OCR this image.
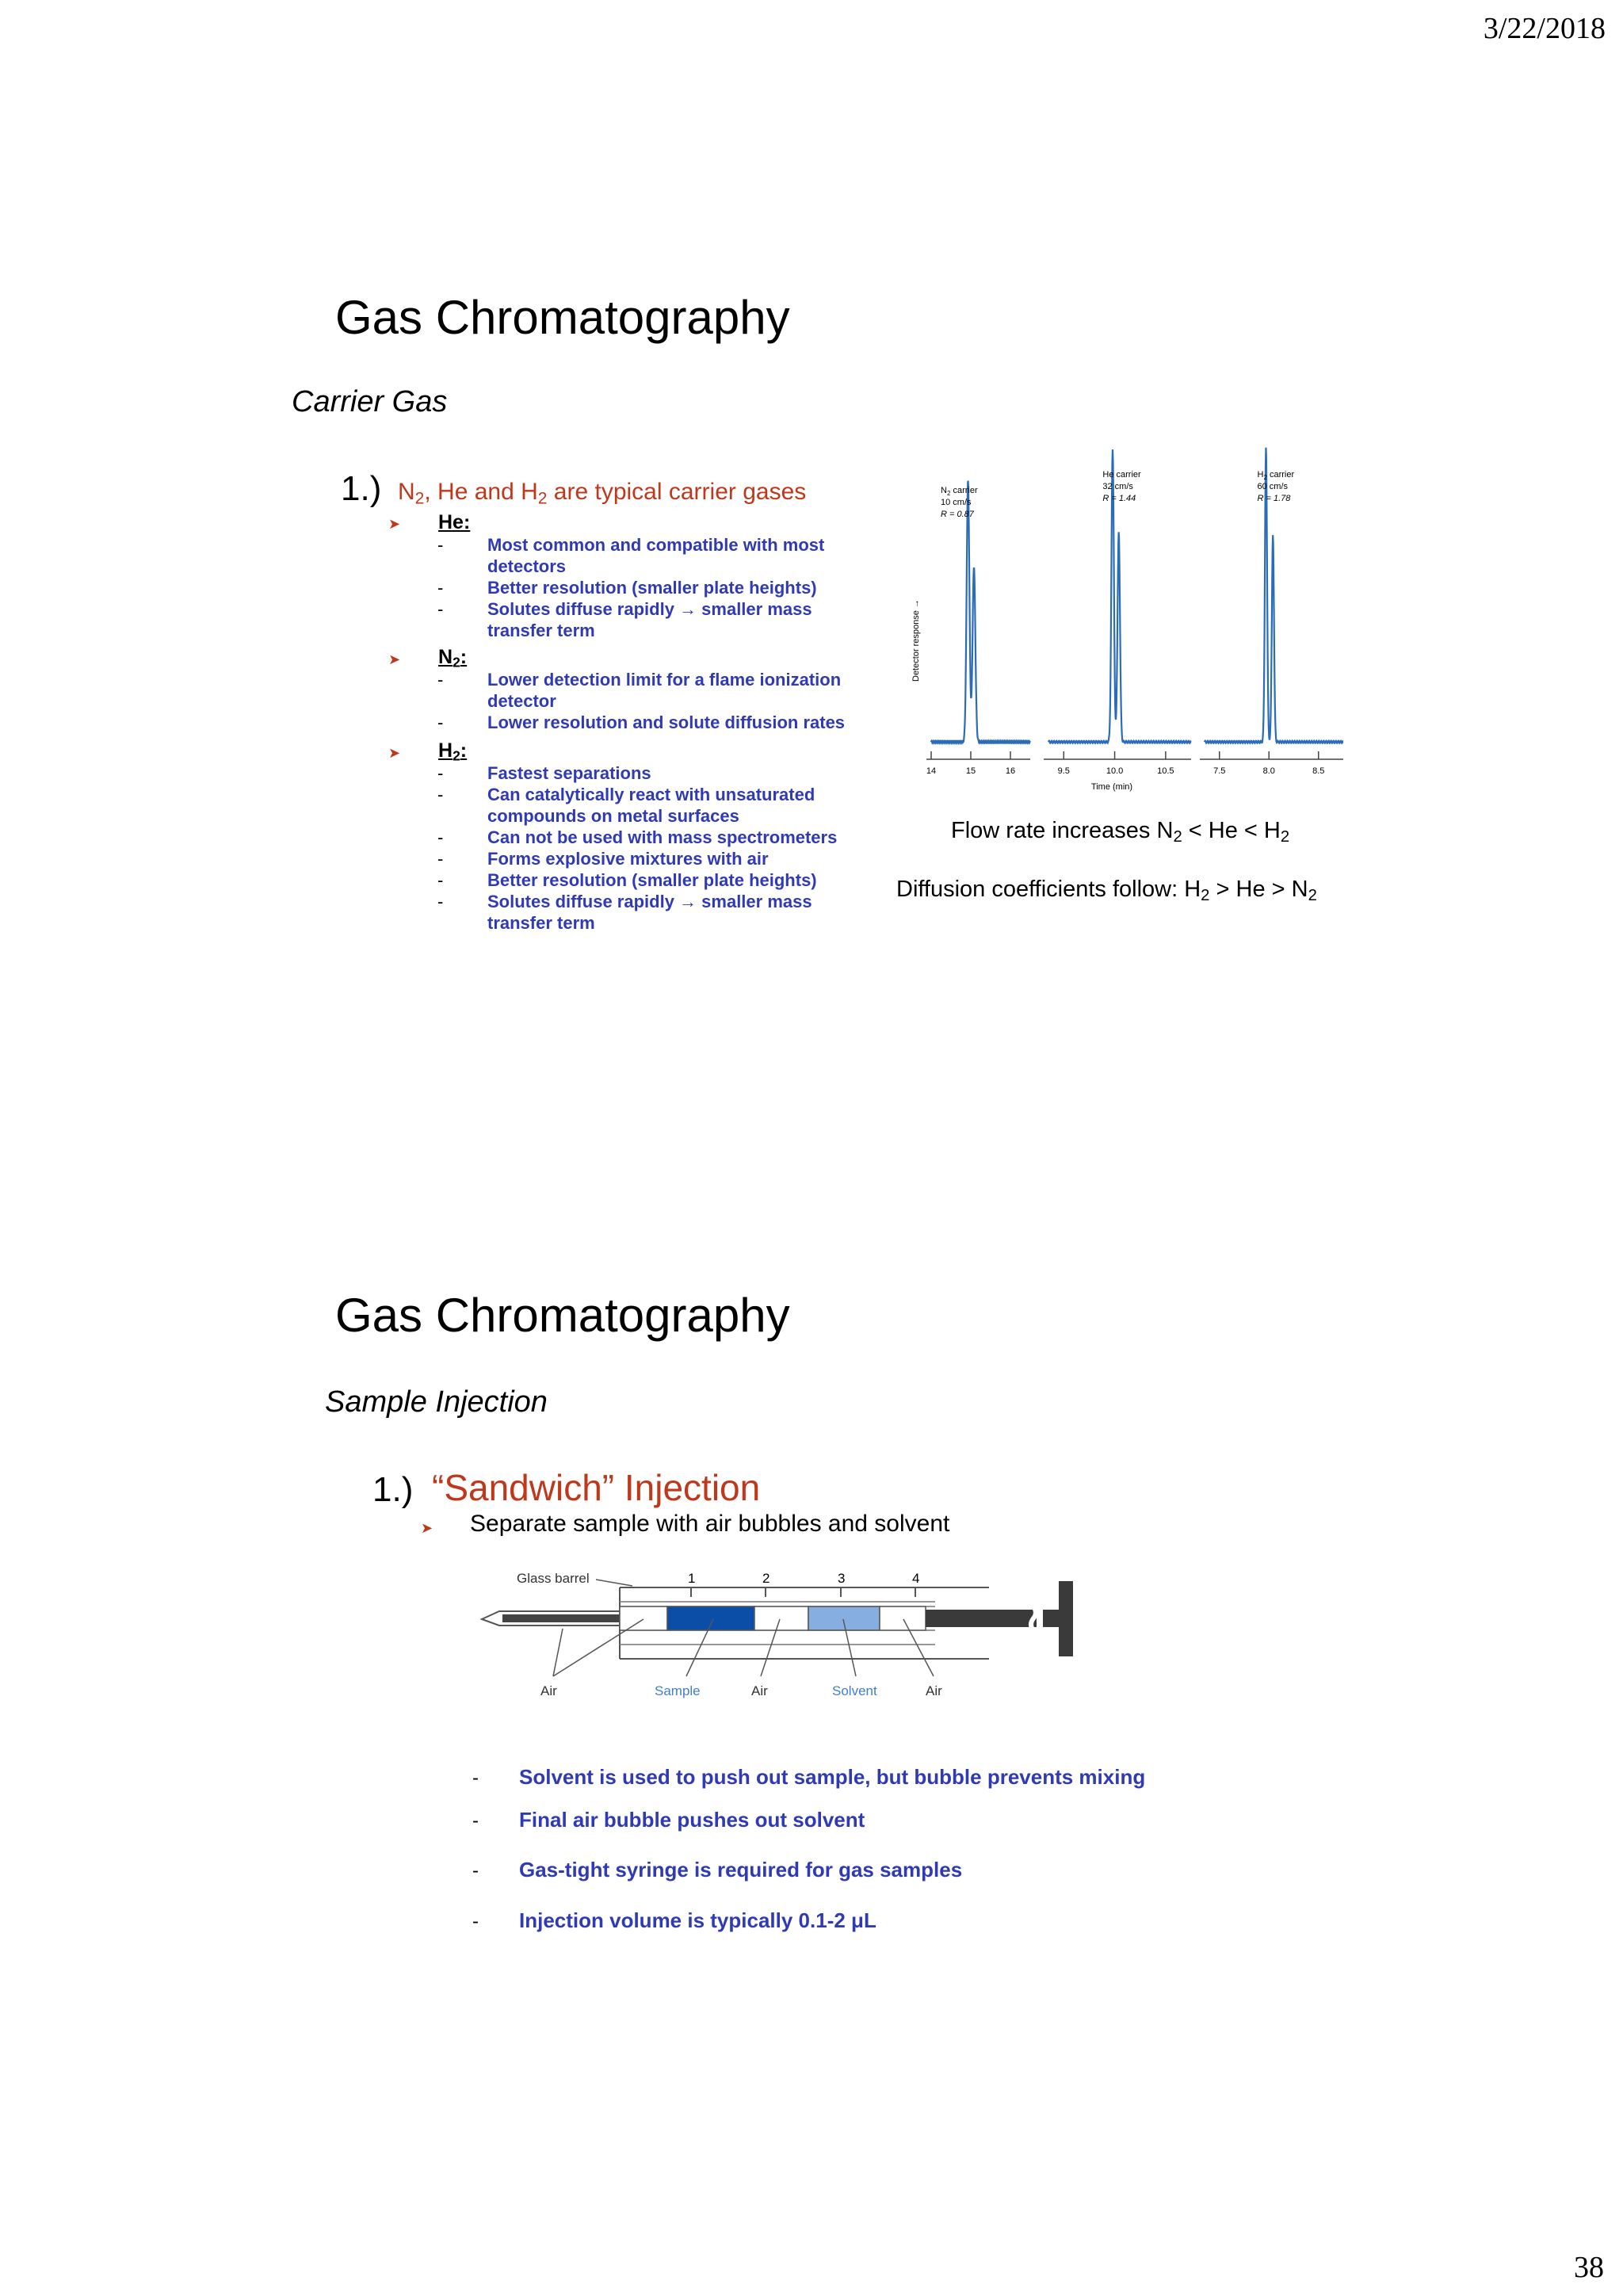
3/22/2018
38
Gas Chromatography
Carrier Gas
1.) $N_2$, He and $H_2$ are typical carrier gases
➤ He:
-	Most common and compatible with most
detectors
-	Better resolution (smaller plate heights)
-	Solutes diffuse rapidly → smaller mass
transfer term
➤ $N_2$:
-	Lower detection limit for a flame ionization
detector
-	Lower resolution and solute diffusion rates
➤ $H_2$:
-	Fastest separations
-	Can catalytically react with unsaturated
compounds on metal surfaces
-	Can not be used with mass spectrometers
-	Forms explosive mixtures with air
-	Better resolution (smaller plate heights)
-	Solutes diffuse rapidly → smaller mass
transfer term
Detector response →
14	15	16
$N_2$ carrier
10 cm/s
R = 0.87
9.5	10.0	10.5
He carrier
32 cm/s
R = 1.44
7.5	8.0	8.5
$H_2$ carrier
60 cm/s
R = 1.78
Time (min)
Flow rate increases $N_2 < He < H_2$
Diffusion coefficients follow: $H_2 > He > N_2$
Gas Chromatography
Sample Injection
1.) “Sandwich” Injection
➤ Separate sample with air bubbles and solvent
1	2	3	4
Glass barrel
Air	Sample	Air	Solvent	Air
- Solvent is used to push out sample, but bubble prevents mixing
- Final air bubble pushes out solvent
- Gas-tight syringe is required for gas samples
- Injection volume is typically 0.1-2 μL
